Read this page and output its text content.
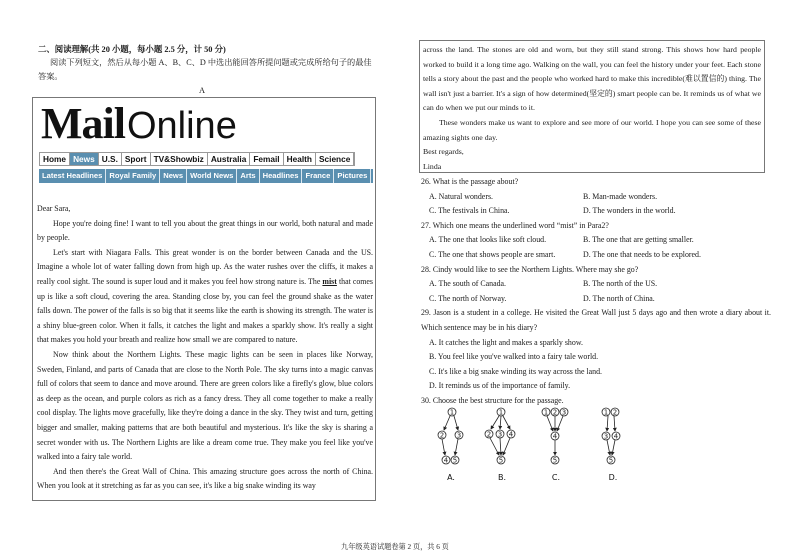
二、阅读理解(共 20 小题，每小题 2.5 分，计 50 分)
阅读下列短文，然后从每小题 A、B、C、D 中选出能回答所提问题或完成所给句子的最佳答案。
A
Mail Online
Home News U.S. Sport TV&Showbiz Australia Femail Health Science
Latest Headlines Royal Family News World News Arts Headlines France Pictures

Dear Sara,

Hope you're doing fine! I want to tell you about the great things in our world, both natural and made by people.

Let's start with Niagara Falls. This great wonder is on the border between Canada and the US. Imagine a whole lot of water falling down from high up. As the water rushes over the cliffs, it makes a really cool sight. The sound is super loud and it makes you feel how strong nature is. The mist that comes up is like a soft cloud, covering the area. Standing close by, you can feel the ground shake as the water falls down. The power of the falls is so big that it seems like the earth is showing its strength. The water is a shiny blue-green color. When it falls, it catches the light and makes a sparkly show. It's really a sight that makes you hold your breath and realize how small we are compared to nature.

Now think about the Northern Lights. These magic lights can be seen in places like Norway, Sweden, Finland, and parts of Canada that are close to the North Pole. The sky turns into a magic canvas full of colors that seem to dance and move around. There are green colors like a firefly's glow, blue colors as deep as the ocean, and purple colors as rich as a fancy dress. They all come together to make a really cool display. The lights move gracefully, like they're doing a dance in the sky. They twist and turn, getting bigger and smaller, making patterns that are both beautiful and mysterious. It's like the sky is sharing a secret wonder with us. The Northern Lights are like a dream come true. They make you feel like you've walked into a fairy tale world.

And then there's the Great Wall of China. This amazing structure goes across the north of China. When you look at it stretching as far as you can see, it's like a big snake winding its way

across the land. The stones are old and worn, but they still stand strong. This shows how hard people worked to build it a long time ago. Walking on the wall, you can feel the history under your feet. Each stone tells a story about the past and the people who worked hard to make this incredible(难以置信的) thing. The wall isn't just a barrier. It's a sign of how determined(坚定的) smart people can be. It reminds us of what we can do when we put our minds to it.

These wonders make us want to explore and see more of our world. I hope you can see some of these amazing sights one day.

Best regards,

Linda

26. What is the passage about?
A. Natural wonders.	B. Man-made wonders.
C. The festivals in China.	D. The wonders in the world.
27. Which one means the underlined word “mist” in Para2?
A. The one that looks like soft cloud.	B. The one that are getting smaller.
C. The one that shows people are smart.	D. The one that needs to be explored.
28. Cindy would like to see the Northern Lights. Where may she go?
A. The south of Canada.	B. The north of the US.
C. The north of Norway.	D. The north of China.
29. Jason is a student in a college. He visited the Great Wall just 5 days ago and then wrote a diary about it. Which sentence may be in his diary?
A. It catches the light and makes a sparkly show.
B. You feel like you've walked into a fairy tale world.
C. It's like a big snake winding its way across the land.
D. It reminds us of the importance of family.
30. Choose the best structure for the passage.
1
2 3
4 5
1
2 3 4
5
1 2 3
4
5
1 2
3 4
5
A.	B.	C.	D.
九年级英语试题卷第 2 页，共 6 页
